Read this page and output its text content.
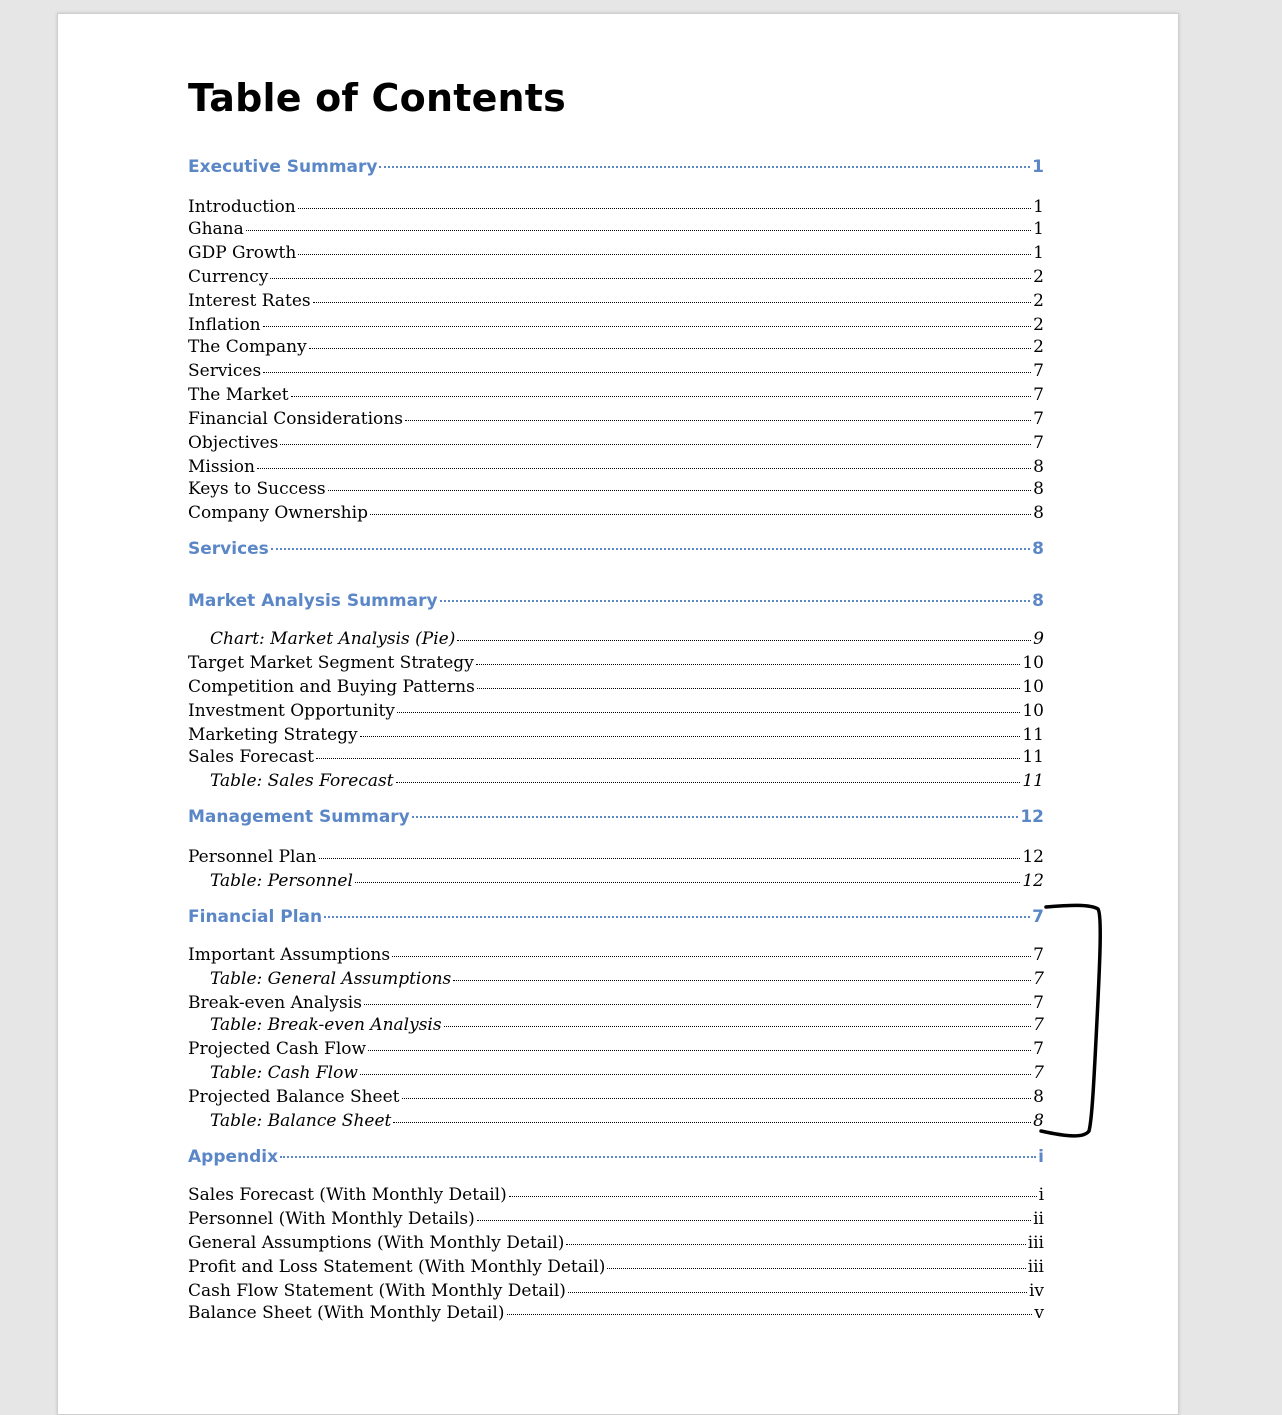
Table of Contents
Executive Summary	1
Introduction	1
Ghana	1
GDP Growth	1
Currency	2
Interest Rates	2
Inflation	2
The Company	2
Services	7
The Market	7
Financial Considerations	7
Objectives	7
Mission	8
Keys to Success	8
Company Ownership	8
Services	8
Market Analysis Summary	8
Chart: Market Analysis (Pie)	9
Target Market Segment Strategy	10
Competition and Buying Patterns	10
Investment Opportunity	10
Marketing Strategy	11
Sales Forecast	11
Table: Sales Forecast	11
Management Summary	12
Personnel Plan	12
Table: Personnel	12
Financial Plan	7
Important Assumptions	7
Table: General Assumptions	7
Break-even Analysis	7
Table: Break-even Analysis	7
Projected Cash Flow	7
Table: Cash Flow	7
Projected Balance Sheet	8
Table: Balance Sheet	8
Appendix	i
Sales Forecast (With Monthly Detail)	i
Personnel (With Monthly Details)	ii
General Assumptions (With Monthly Detail)	iii
Profit and Loss Statement (With Monthly Detail)	iii
Cash Flow Statement (With Monthly Detail)	iv
Balance Sheet (With Monthly Detail)	v
